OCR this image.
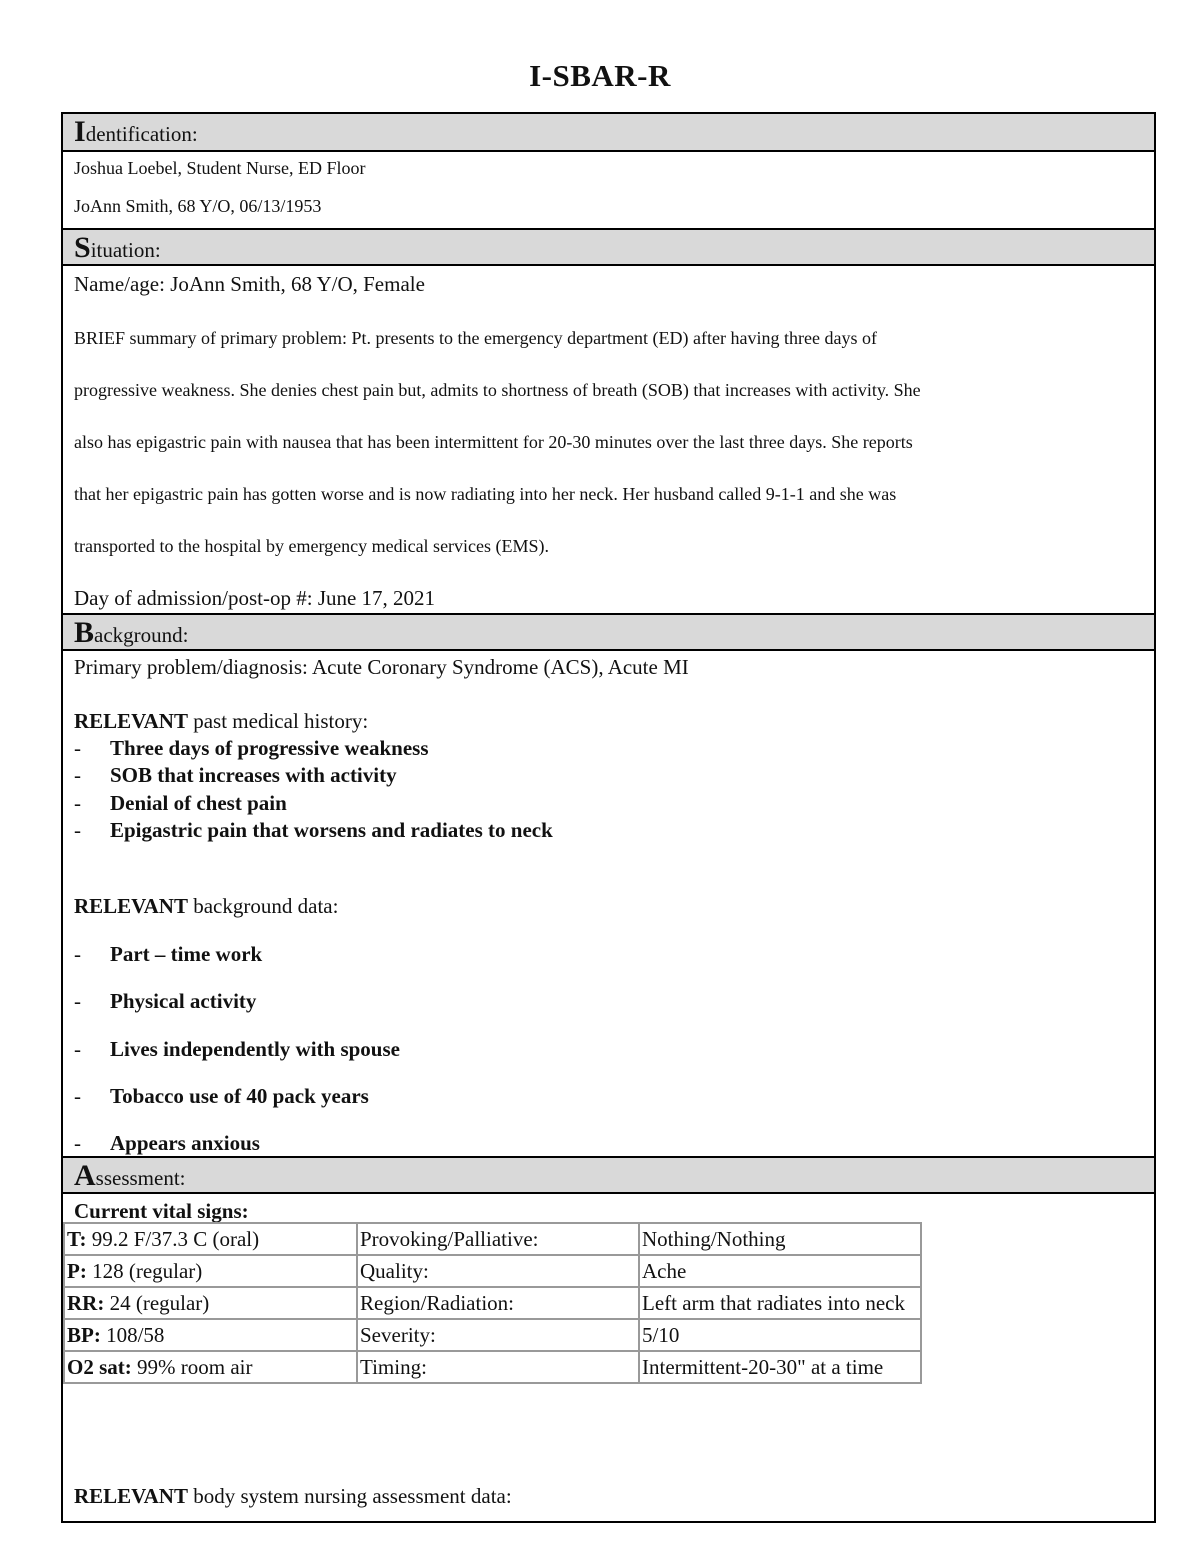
I-SBAR-R
Identification:
Joshua Loebel, Student Nurse, ED Floor
JoAnn Smith, 68 Y/O, 06/13/1953
Situation:
Name/age: JoAnn Smith, 68 Y/O, Female
BRIEF summary of primary problem: Pt. presents to the emergency department (ED) after having three days of
progressive weakness. She denies chest pain but, admits to shortness of breath (SOB) that increases with activity. She
also has epigastric pain with nausea that has been intermittent for 20-30 minutes over the last three days. She reports
that her epigastric pain has gotten worse and is now radiating into her neck. Her husband called 9-1-1 and she was
transported to the hospital by emergency medical services (EMS).
Day of admission/post-op #: June 17, 2021
Background:
Primary problem/diagnosis: Acute Coronary Syndrome (ACS), Acute MI
RELEVANT past medical history:
- Three days of progressive weakness
- SOB that increases with activity
- Denial of chest pain
- Epigastric pain that worsens and radiates to neck
RELEVANT background data:
- Part – time work
- Physical activity
- Lives independently with spouse
- Tobacco use of 40 pack years
- Appears anxious
Assessment:
Current vital signs:
T: 99.2 F/37.3 C (oral)	Provoking/Palliative:	Nothing/Nothing
P: 128 (regular)	Quality:	Ache
RR: 24 (regular)	Region/Radiation:	Left arm that radiates into neck
BP: 108/58	Severity:	5/10
O2 sat: 99% room air	Timing:	Intermittent-20-30" at a time
RELEVANT body system nursing assessment data:
